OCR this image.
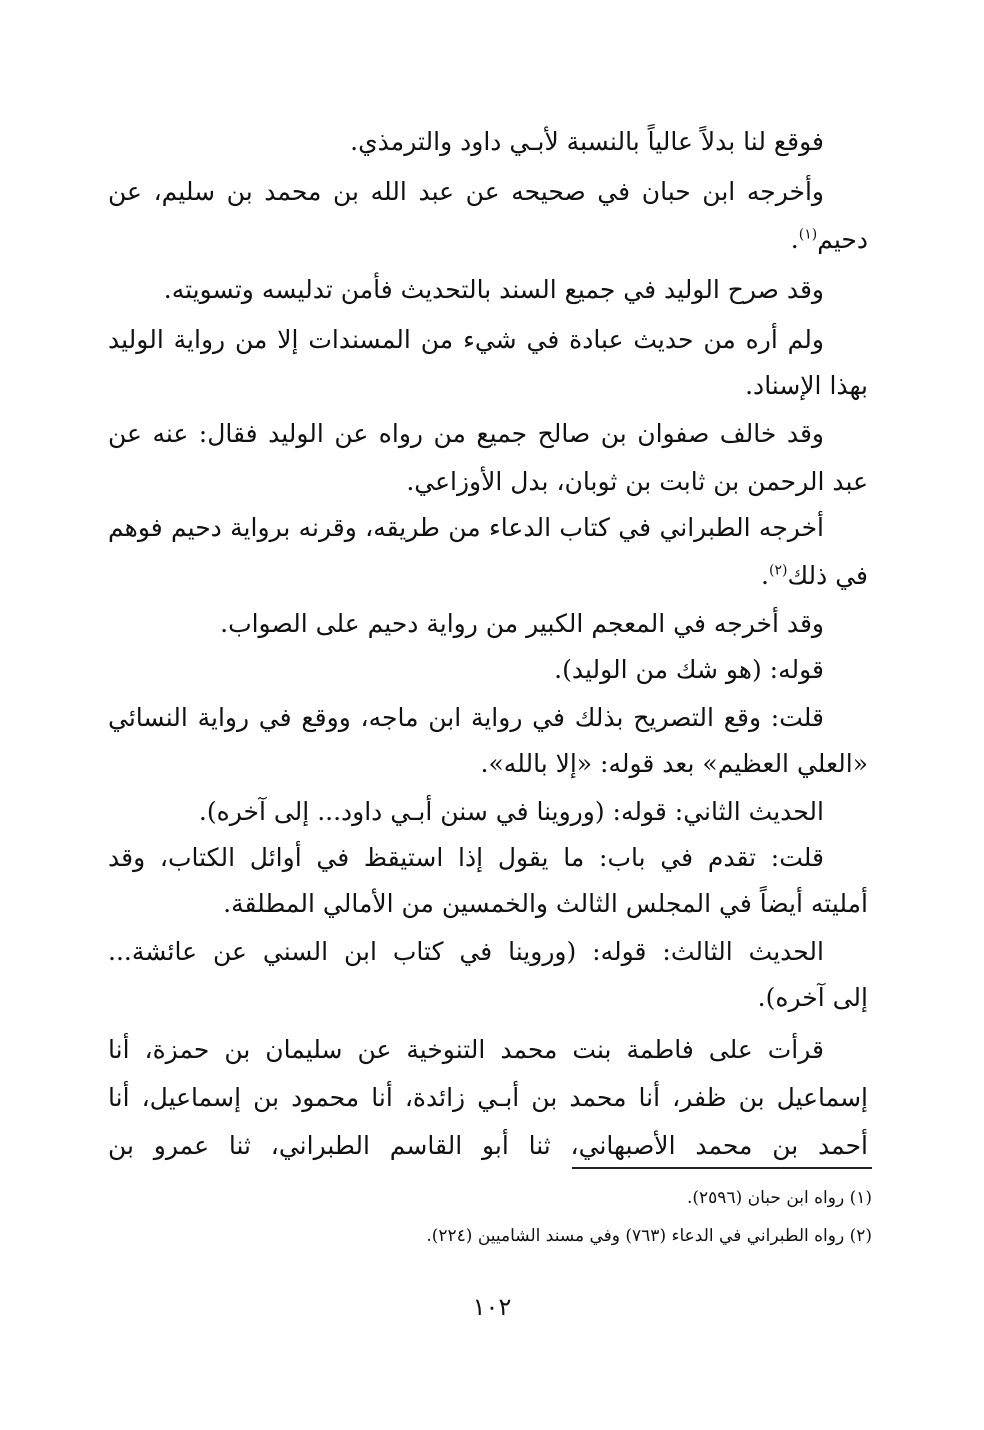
فوقع لنا بدلاً عالياً بالنسبة لأبـي داود والترمذي.
وأخرجه ابن حبان في صحيحه عن عبد الله بن محمد بن سليم، عن
دحيم$^{(١)}$.
وقد صرح الوليد في جميع السند بالتحديث فأمن تدليسه وتسويته.
ولم أره من حديث عبادة في شيء من المسندات إلا من رواية الوليد
بهذا الإسناد.
وقد خالف صفوان بن صالح جميع من رواه عن الوليد فقال: عنه عن
عبد الرحمن بن ثابت بن ثوبان، بدل الأوزاعي.
أخرجه الطبراني في كتاب الدعاء من طريقه، وقرنه برواية دحيم فوهم
في ذلك$^{(٢)}$.
وقد أخرجه في المعجم الكبير من رواية دحيم على الصواب.
قوله: (هو شك من الوليد).
قلت: وقع التصريح بذلك في رواية ابن ماجه، ووقع في رواية النسائي
«العلي العظيم» بعد قوله: «إلا بالله».
الحديث الثاني: قوله: (وروينا في سنن أبـي داود... إلى آخره).
قلت: تقدم في باب: ما يقول إذا استيقظ في أوائل الكتاب، وقد
أمليته أيضاً في المجلس الثالث والخمسين من الأمالي المطلقة.
الحديث الثالث: قوله: (وروينا في كتاب ابن السني عن عائشة...
إلى آخره).
قرأت على فاطمة بنت محمد التنوخية عن سليمان بن حمزة، أنا
إسماعيل بن ظفر، أنا محمد بن أبـي زائدة، أنا محمود بن إسماعيل، أنا
أحمد بن محمد الأصبهاني، ثنا أبو القاسم الطبراني، ثنا عمرو بن
(١) رواه ابن حبان (٢٥٩٦).
(٢) رواه الطبراني في الدعاء (٧٦٣) وفي مسند الشاميين (٢٢٤).
١٠٢
